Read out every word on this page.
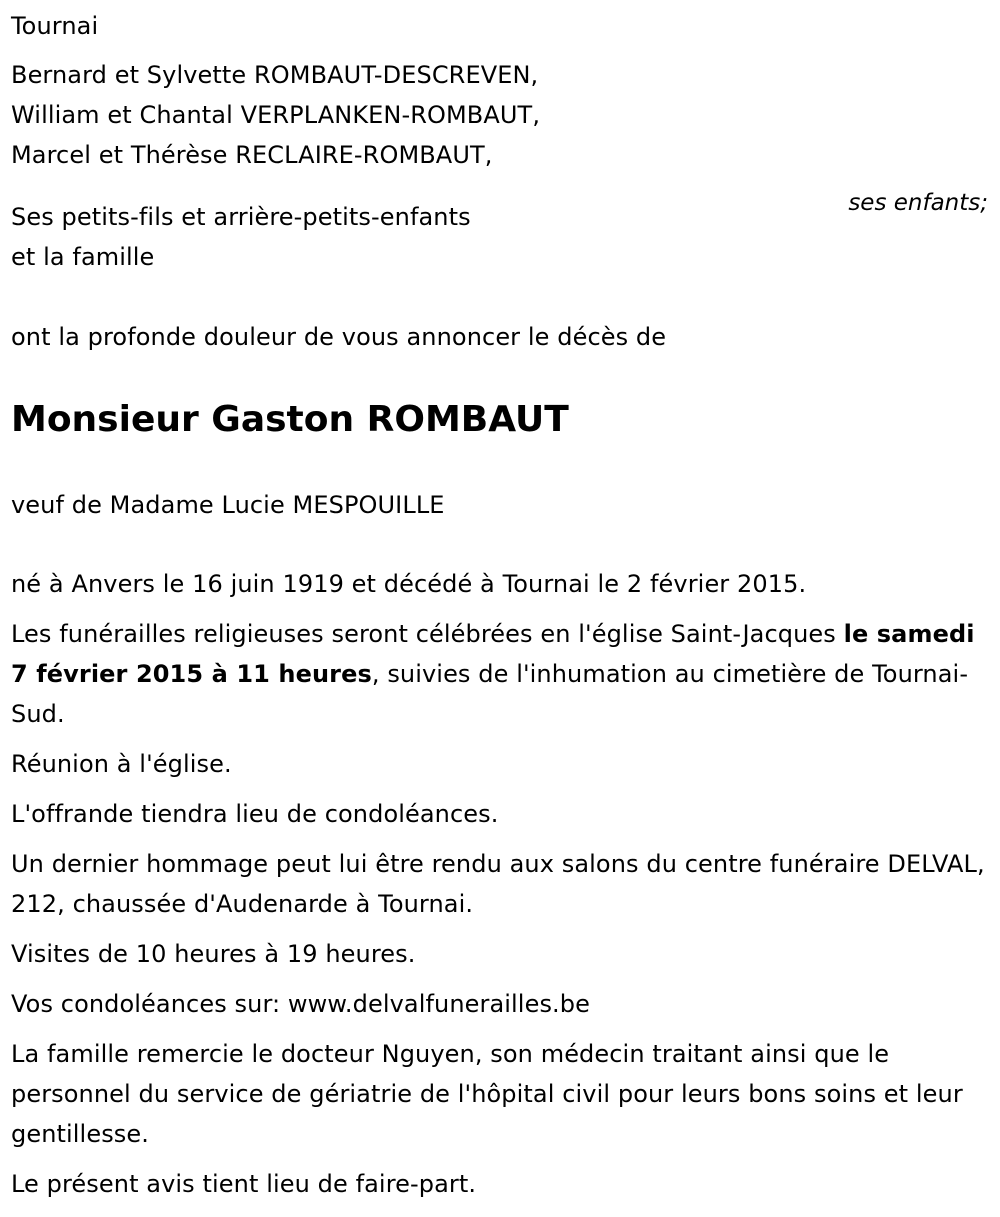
Tournai

Bernard et Sylvette ROMBAUT-DESCREVEN,

William et Chantal VERPLANKEN-ROMBAUT,

Marcel et Thérèse RECLAIRE-ROMBAUT,

ses enfants;

Ses petits-fils et arrière-petits-enfants

et la famille

ont la profonde douleur de vous annoncer le décès de

Monsieur Gaston ROMBAUT

veuf de Madame Lucie MESPOUILLE

né à Anvers le 16 juin 1919 et décédé à Tournai le 2 février 2015.

Les funérailles religieuses seront célébrées en l'église Saint-Jacques le samedi 7 février 2015 à 11 heures, suivies de l'inhumation au cimetière de Tournai-Sud.

Réunion à l'église.

L'offrande tiendra lieu de condoléances.

Un dernier hommage peut lui être rendu aux salons du centre funéraire DELVAL, 212, chaussée d'Audenarde à Tournai.

Visites de 10 heures à 19 heures.

Vos condoléances sur: www.delvalfunerailles.be

La famille remercie le docteur Nguyen, son médecin traitant ainsi que le personnel du service de gériatrie de l'hôpital civil pour leurs bons soins et leur gentillesse.

Le présent avis tient lieu de faire-part.
